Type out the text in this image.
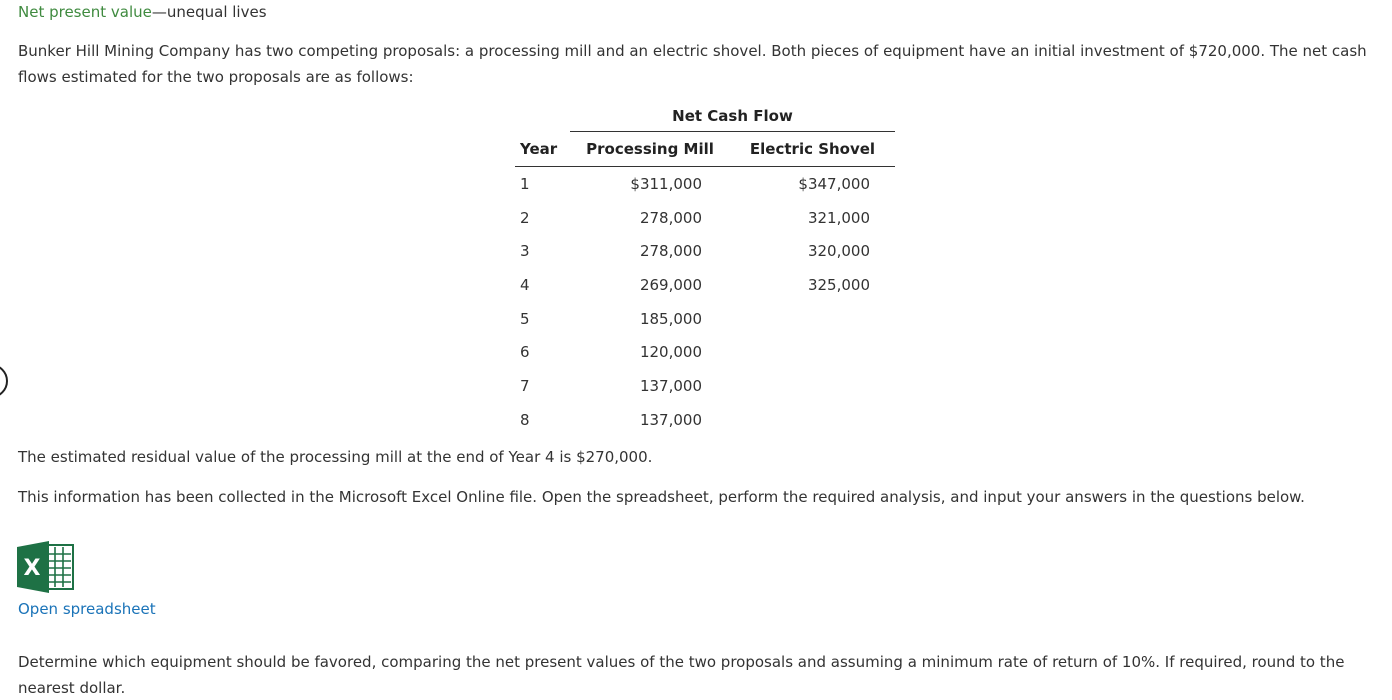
Net present value—unequal lives

Bunker Hill Mining Company has two competing proposals: a processing mill and an electric shovel. Both pieces of equipment have an initial investment of $720,000. The net cash flows estimated for the two proposals are as follows:

	Net Cash Flow	
Year	Processing Mill	Electric Shovel
1	$311,000	$347,000
2	278,000	321,000
3	278,000	320,000
4	269,000	325,000
5	185,000	
6	120,000	
7	137,000	
8	137,000	

The estimated residual value of the processing mill at the end of Year 4 is $270,000.

This information has been collected in the Microsoft Excel Online file. Open the spreadsheet, perform the required analysis, and input your answers in the questions below.

X
Open spreadsheet

Determine which equipment should be favored, comparing the net present values of the two proposals and assuming a minimum rate of return of 10%. If required, round to the nearest dollar.
